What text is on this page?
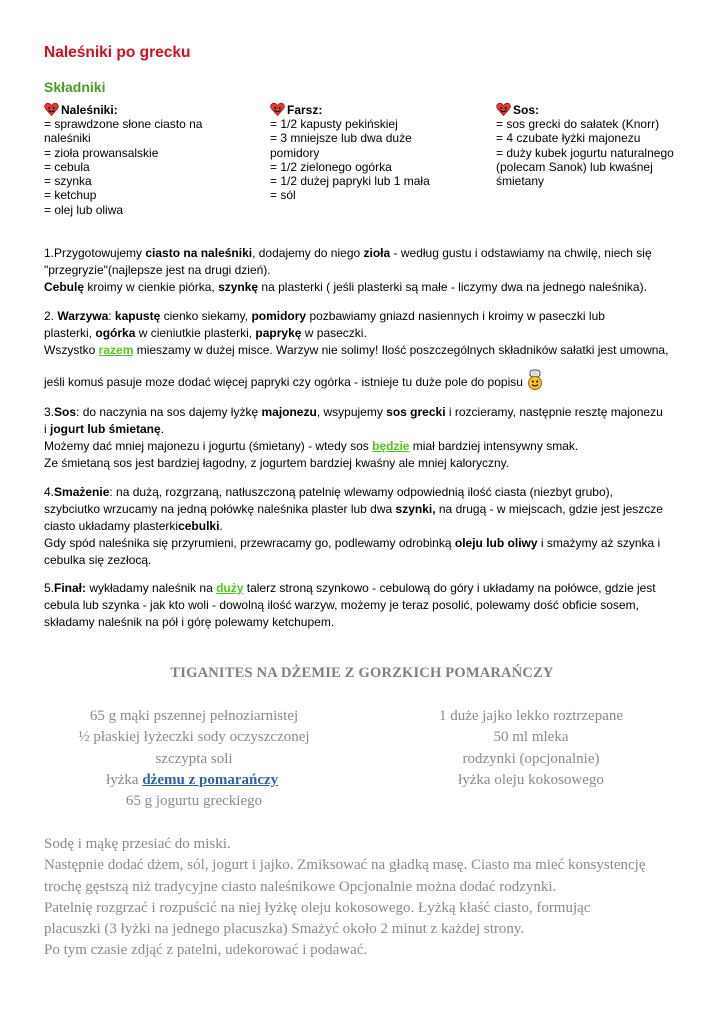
Naleśniki po grecku
Składniki
Naleśniki:
= sprawdzone słone ciasto na
naleśniki
= zioła prowansalskie
= cebula
= szynka
= ketchup
= olej lub oliwa
Farsz:
= 1/2 kapusty pekińskiej
= 3 mniejsze lub dwa duże
pomidory
= 1/2 zielonego ogórka
= 1/2 dużej papryki lub 1 mała
= sól
Sos:
= sos grecki do sałatek (Knorr)
= 4 czubate łyżki majonezu
= duży kubek jogurtu naturalnego
(polecam Sanok) lub kwaśnej
śmietany
1.Przygotowujemy ciasto na naleśniki, dodajemy do niego zioła - według gustu i odstawiamy na chwilę, niech się
"przegryzie"(najlepsze jest na drugi dzień).
Cebulę kroimy w cienkie piórka, szynkę na plasterki ( jeśli plasterki są małe - liczymy dwa na jednego naleśnika).
2. Warzywa: kapustę cienko siekamy, pomidory pozbawiamy gniazd nasiennych i kroimy w paseczki lub
plasterki, ogórka w cieniutkie plasterki, paprykę w paseczki.
Wszystko razem mieszamy w dużej misce. Warzyw nie solimy! Ilość poszczególnych składników sałatki jest umowna,

jeśli komuś pasuje moze dodać więcej papryki czy ogórka - istnieje tu duże pole do popisu
3.Sos: do naczynia na sos dajemy łyżkę majonezu, wsypujemy sos grecki i rozcieramy, następnie resztę majonezu
i jogurt lub śmietanę.
Możemy dać mniej majonezu i jogurtu (śmietany) - wtedy sos będzie miał bardziej intensywny smak.
Ze śmietaną sos jest bardziej łagodny, z jogurtem bardziej kwaśny ale mniej kaloryczny.
4.Smażenie: na dużą, rozgrzaną, natłuszczoną patelnię wlewamy odpowiednią ilość ciasta (niezbyt grubo),
szybciutko wrzucamy na jedną połówkę naleśnika plaster lub dwa szynki, na drugą - w miejscach, gdzie jest jeszcze
ciasto układamy plasterkicebulki.
Gdy spód naleśnika się przyrumieni, przewracamy go, podlewamy odrobinką oleju lub oliwy i smażymy aż szynka i
cebulka się zezłocą.
5.Finał: wykładamy naleśnik na duży talerz stroną szynkowo - cebulową do góry i układamy na połówce, gdzie jest
cebula lub szynka - jak kto woli - dowolną ilość warzyw, możemy je teraz posolić, polewamy dość obficie sosem,
składamy naleśnik na pół i górę polewamy ketchupem.
TIGANITES NA DŻEMIE Z GORZKICH POMARAŃCZY
65 g mąki pszennej pełnoziarnistej
½ płaskiej łyżeczki sody oczyszczonej
szczypta soli
łyżka dżemu z pomarańczy
65 g jogurtu greckiego
1 duże jajko lekko roztrzepane
50 ml mleka
rodzynki (opcjonalnie)
łyżka oleju kokosowego
Sodę i mąkę przesiać do miski.
Następnie dodać dżem, sól, jogurt i jajko. Zmiksować na gładką masę. Ciasto ma mieć konsystencję
trochę gęstszą niż tradycyjne ciasto naleśnikowe Opcjonalnie można dodać rodzynki.
Patelnię rozgrzać i rozpuścić na niej łyżkę oleju kokosowego. Łyżką kłaść ciasto, formując
placuszki (3 łyżki na jednego placuszka) Smażyć około 2 minut z każdej strony.
Po tym czasie zdjąć z patelni, udekorować i podawać.
